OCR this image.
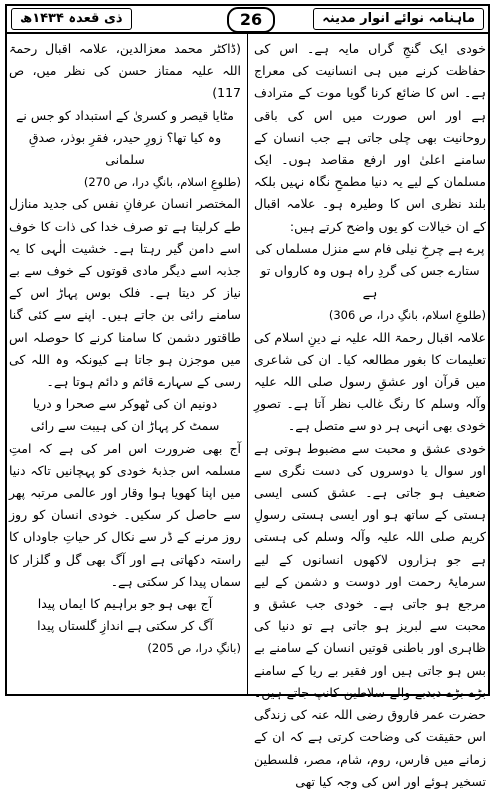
ذی قعدہ ۱۴۳۴ھ	26	ماہنامہ نوائے انوار مدینہ

خودی ایک گنجِ گراں مایہ ہے۔ اس کی حفاظت کرنے میں ہی انسانیت کی معراج ہے۔ اس کا ضائع کرنا گویا موت کے مترادف ہے اور اس صورت میں اس کی باقی روحانیت بھی چلی جاتی ہے جب انسان کے سامنے اعلیٰ اور ارفع مقاصد ہوں۔ ایک مسلمان کے لیے یہ دنیا مطمحِ نگاہ نہیں بلکہ بلند نظری اس کا وطیرہ ہو۔ علامہ اقبال کے ان خیالات کو یوں واضح کرتے ہیں:

پرے ہے چرخِ نیلی فام سے منزل مسلماں کی

ستارے جس کی گردِ راہ ہوں وہ کارواں تو ہے

(طلوعِ اسلام، بانگِ درا، ص 306)

علامہ اقبال رحمۃ اللہ علیہ نے دینِ اسلام کی تعلیمات کا بغور مطالعہ کیا۔ ان کی شاعری میں قرآن اور عشقِ رسول صلی اللہ علیہ وآلہ وسلم کا رنگ غالب نظر آتا ہے۔ تصورِ خودی بھی انہی ہر دو سے متصل ہے۔

خودی عشق و محبت سے مضبوط ہوتی ہے اور سوال یا دوسروں کی دست نگری سے ضعیف ہو جاتی ہے۔ عشق کسی ایسی ہستی کے ساتھ ہو اور ایسی ہستی رسولِ کریم صلی اللہ علیہ وآلہ وسلم کی ہستی ہے جو ہزاروں لاکھوں انسانوں کے لیے سرمایۂ رحمت اور دوست و دشمن کے لیے مرجع ہو جاتی ہے۔ خودی جب عشق و محبت سے لبریز ہو جاتی ہے تو دنیا کی ظاہری اور باطنی قوتیں انسان کے سامنے بے بس ہو جاتی ہیں اور فقیر بے ریا کے سامنے بڑے بڑے دبدبے والے سلاطین کانپ جاتے ہیں۔ حضرت عمر فاروق رضی اللہ عنہ کی زندگی اس حقیقت کی وضاحت کرتی ہے کہ ان کے زمانے میں فارس، روم، شام، مصر، فلسطین تسخیر ہوئے اور اس کی وجہ کیا تھی

(ڈاکٹر محمد معزالدین، علامہ اقبال رحمۃ اللہ علیہ ممتاز حسن کی نظر میں، ص 117)

مٹایا قیصر و کسریٰ کے استبداد کو جس نے

وہ کیا تھا؟ زورِ حیدر، فقرِ بوذر، صدقِ سلمانی

(طلوعِ اسلام، بانگِ درا، ص 270)

المختصر انسان عرفانِ نفس کی جدید منازل طے کرلیتا ہے تو صرف خدا کی ذات کا خوف اسے دامن گیر رہتا ہے۔ خشیت الٰہی کا یہ جذبہ اسے دیگر مادی قوتوں کے خوف سے بے نیاز کر دیتا ہے۔ فلک بوس پہاڑ اس کے سامنے رائی بن جاتے ہیں۔ اپنے سے کئی گنا طاقتور دشمن کا سامنا کرنے کا حوصلہ اس میں موجزن ہو جاتا ہے کیونکہ وہ اللہ کی رسی کے سہارے قائم و دائم ہوتا ہے۔

دونیم ان کی ٹھوکر سے صحرا و دریا

سمٹ کر پہاڑ ان کی ہیبت سے رائی

آج بھی ضرورت اس امر کی ہے کہ امتِ مسلمہ اس جذبۂ خودی کو پہچانیں تاکہ دنیا میں اپنا کھویا ہوا وقار اور عالمی مرتبہ پھر سے حاصل کر سکیں۔ خودی انسان کو روز روز مرنے کے ڈر سے نکال کر حیاتِ جاوداں کا راستہ دکھاتی ہے اور آگ بھی گل و گلزار کا سماں پیدا کر سکتی ہے۔

آج بھی ہو جو براہیم کا ایماں پیدا

آگ کر سکتی ہے اندازِ گلستاں پیدا

(بانگِ درا، ص 205)
